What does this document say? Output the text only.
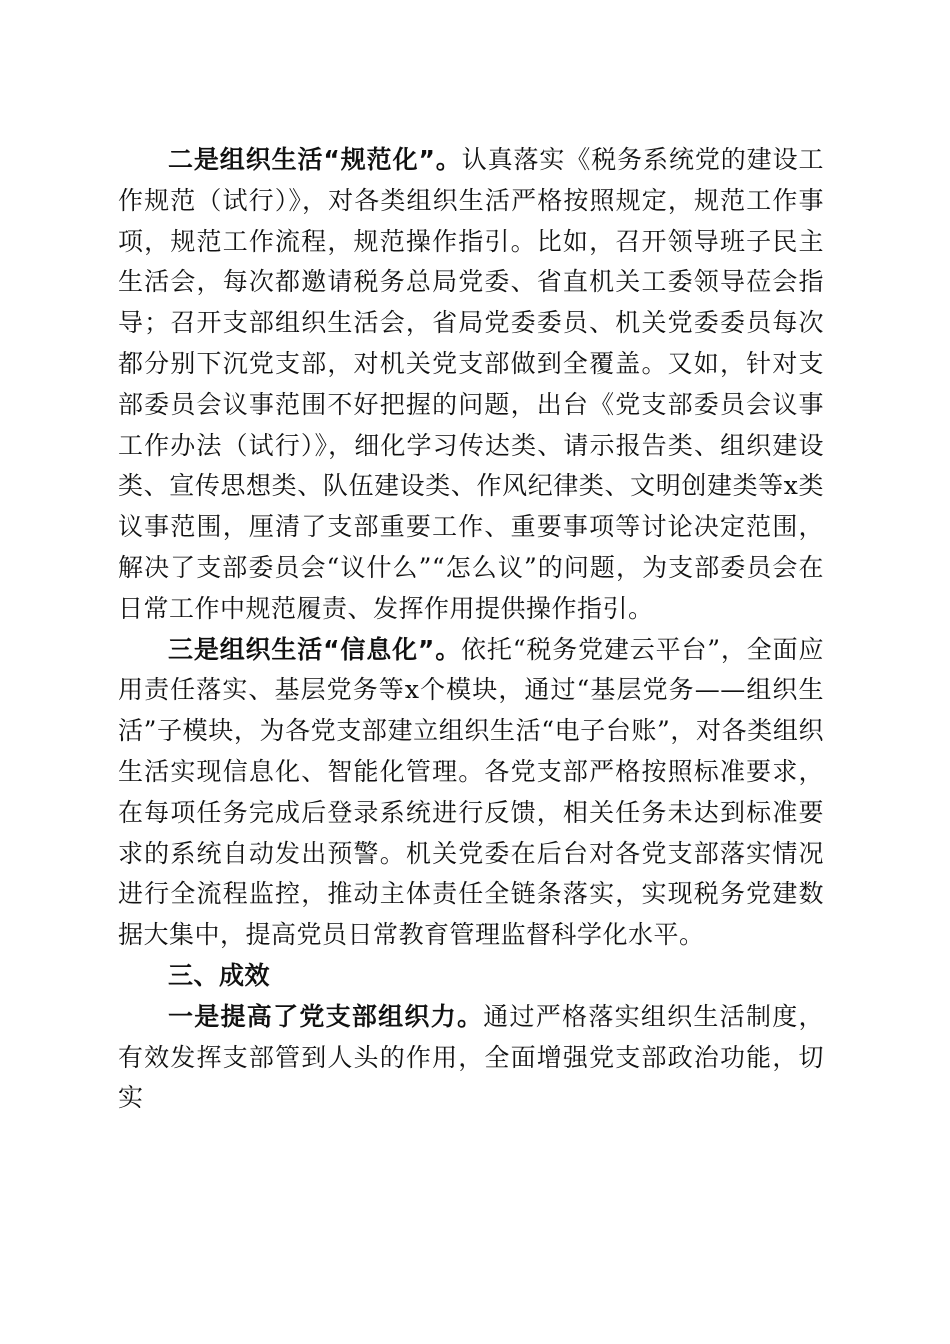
二是组织生活“规范化”。认真落实《税务系统党的建设工作规范（试行）》，对各类组织生活严格按照规定，规范工作事项，规范工作流程，规范操作指引。比如，召开领导班子民主生活会，每次都邀请税务总局党委、省直机关工委领导莅会指导；召开支部组织生活会，省局党委委员、机关党委委员每次都分别下沉党支部，对机关党支部做到全覆盖。又如，针对支部委员会议事范围不好把握的问题，出台《党支部委员会议事工作办法（试行）》，细化学习传达类、请示报告类、组织建设类、宣传思想类、队伍建设类、作风纪律类、文明创建类等x类议事范围，厘清了支部重要工作、重要事项等讨论决定范围，解决了支部委员会“议什么”“怎么议”的问题，为支部委员会在日常工作中规范履责、发挥作用提供操作指引。

三是组织生活“信息化”。依托“税务党建云平台”，全面应用责任落实、基层党务等x个模块，通过“基层党务——组织生活”子模块，为各党支部建立组织生活“电子台账”，对各类组织生活实现信息化、智能化管理。各党支部严格按照标准要求，在每项任务完成后登录系统进行反馈，相关任务未达到标准要求的系统自动发出预警。机关党委在后台对各党支部落实情况进行全流程监控，推动主体责任全链条落实，实现税务党建数据大集中，提高党员日常教育管理监督科学化水平。

三、成效

一是提高了党支部组织力。通过严格落实组织生活制度，有效发挥支部管到人头的作用，全面增强党支部政治功能，切实
